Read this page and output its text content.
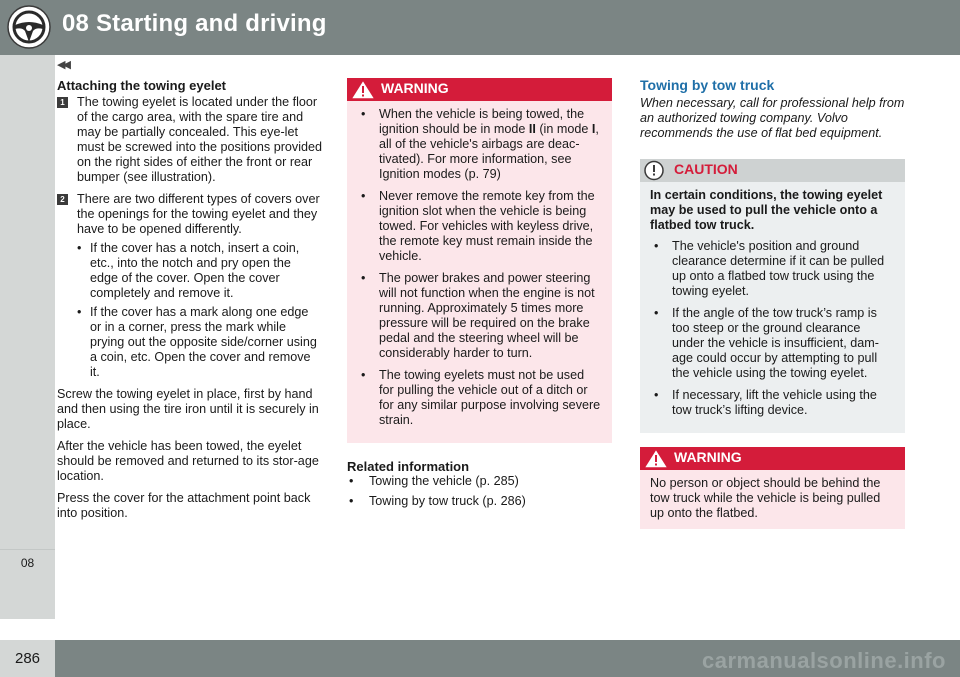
08 Starting and driving
08
◀◀
Attaching the towing eyelet
1 The towing eyelet is located under the floor of the cargo area, with the spare tire and may be partially concealed. This eye-let must be screwed into the positions provided on the right sides of either the front or rear bumper (see illustration).
2 There are two different types of covers over the openings for the towing eyelet and they have to be opened differently.
• If the cover has a notch, insert a coin, etc., into the notch and pry open the edge of the cover. Open the cover completely and remove it.
• If the cover has a mark along one edge or in a corner, press the mark while prying out the opposite side/corner using a coin, etc. Open the cover and remove it.

Screw the towing eyelet in place, first by hand and then using the tire iron until it is securely in place.

After the vehicle has been towed, the eyelet should be removed and returned to its stor-age location.

Press the cover for the attachment point back into position.

WARNING
• When the vehicle is being towed, the ignition should be in mode II (in mode I, all of the vehicle's airbags are deac-tivated). For more information, see Ignition modes (p. 79)
• Never remove the remote key from the ignition slot when the vehicle is being towed. For vehicles with keyless drive, the remote key must remain inside the vehicle.
• The power brakes and power steering will not function when the engine is not running. Approximately 5 times more pressure will be required on the brake pedal and the steering wheel will be considerably harder to turn.
• The towing eyelets must not be used for pulling the vehicle out of a ditch or for any similar purpose involving severe strain.
Related information
• Towing the vehicle (p. 285)
• Towing by tow truck (p. 286)
Towing by tow truck

When necessary, call for professional help from an authorized towing company. Volvo recommends the use of flat bed equipment.

CAUTION

In certain conditions, the towing eyelet may be used to pull the vehicle onto a flatbed tow truck.

• The vehicle's position and ground clearance determine if it can be pulled up onto a flatbed tow truck using the towing eyelet.
• If the angle of the tow truck’s ramp is too steep or the ground clearance under the vehicle is insufficient, dam-age could occur by attempting to pull the vehicle using the towing eyelet.
• If necessary, lift the vehicle using the tow truck’s lifting device.
WARNING

No person or object should be behind the tow truck while the vehicle is being pulled up onto the flatbed.

286	carmanualsonline.info
